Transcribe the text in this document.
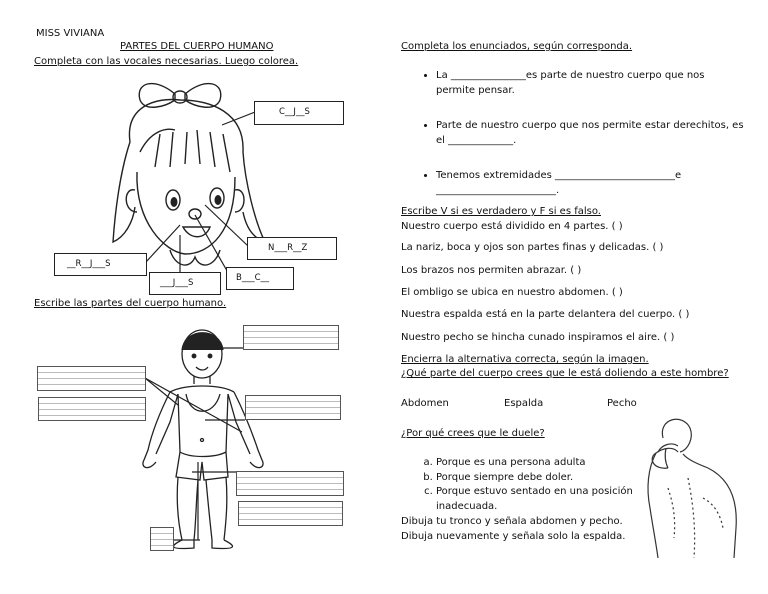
MISS VIVIANA
PARTES DEL CUERPO HUMANO
Completa con las vocales necesarias. Luego colorea.
C__J__S
N___R__Z
__R__J___S
B___C__
___J___S
Escribe las partes del cuerpo humano.
Completa los enunciados, según corresponda.
• La _______________es parte de nuestro cuerpo que nos permite pensar.
• Parte de nuestro cuerpo que nos permite estar derechitos, es el _____________.
• Tenemos extremidades ________________________e ________________________.
Escribe V si es verdadero y F si es falso.
Nuestro cuerpo está dividido en 4 partes. ( )
La nariz, boca y ojos son partes finas y delicadas. ( )
Los brazos nos permiten abrazar. ( )
El ombligo se ubica en nuestro abdomen. ( )
Nuestra espalda está en la parte delantera del cuerpo. ( )
Nuestro pecho se hincha cunado inspiramos el aire. ( )
Encierra la alternativa correcta, según la imagen.
¿Qué parte del cuerpo crees que le está doliendo a este hombre?
Abdomen	Espalda	Pecho
¿Por qué crees que le duele?
a. Porque es una persona adulta
b. Porque siempre debe doler.
c. Porque estuvo sentado en una posición inadecuada.
Dibuja tu tronco y señala abdomen y pecho.
Dibuja nuevamente y señala solo la espalda.
